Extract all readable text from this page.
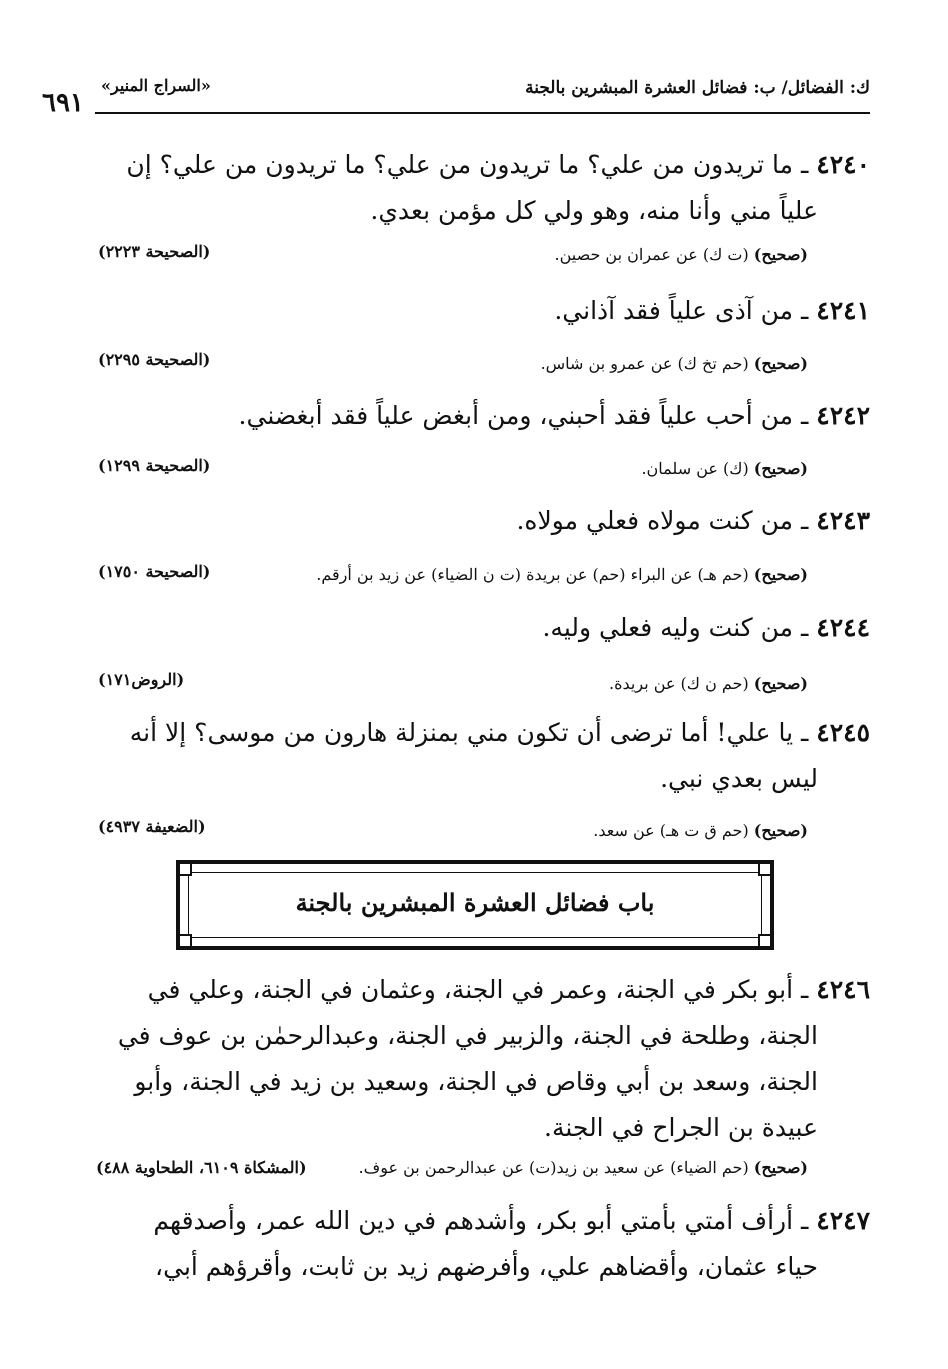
٦٩١	ك: الفضائل/ ب: فضائل العشرة المبشرين بالجنة
«السراج المنير»
٤٢٤٠ ـ ما تريدون من علي؟ ما تريدون من علي؟ ما تريدون من علي؟ إن
علياً مني وأنا منه، وهو ولي كل مؤمن بعدي.
(صحيح) (ت ك) عن عمران بن حصين.
(الصحيحة ٢٢٢٣)
٤٢٤١ ـ من آذى علياً فقد آذاني.
(صحيح) (حم تخ ك) عن عمرو بن شاس.
(الصحيحة ٢٢٩٥)
٤٢٤٢ ـ من أحب علياً فقد أحبني، ومن أبغض علياً فقد أبغضني.
(صحيح) (ك) عن سلمان.
(الصحيحة ١٢٩٩)
٤٢٤٣ ـ من كنت مولاه فعلي مولاه.
(صحيح) (حم هـ) عن البراء (حم) عن بريدة (ت ن الضياء) عن زيد بن أرقم.
(الصحيحة ١٧٥٠)
٤٢٤٤ ـ من كنت وليه فعلي وليه.
(صحيح) (حم ن ك) عن بريدة.
(الروض١٧١)
٤٢٤٥ ـ يا علي! أما ترضى أن تكون مني بمنزلة هارون من موسى؟ إلا أنه
ليس بعدي نبي.
(صحيح) (حم ق ت هـ) عن سعد.
(الضعيفة ٤٩٣٧)
باب فضائل العشرة المبشرين بالجنة
٤٢٤٦ ـ أبو بكر في الجنة، وعمر في الجنة، وعثمان في الجنة، وعلي في
الجنة، وطلحة في الجنة، والزبير في الجنة، وعبدالرحمٰن بن عوف في
الجنة، وسعد بن أبي وقاص في الجنة، وسعيد بن زيد في الجنة، وأبو
عبيدة بن الجراح في الجنة.
(صحيح) (حم الضياء) عن سعيد بن زيد(ت) عن عبدالرحمن بن عوف.
(المشكاة ٦١٠٩، الطحاوية ٤٨٨)
٤٢٤٧ ـ أرأف أمتي بأمتي أبو بكر، وأشدهم في دين الله عمر، وأصدقهم
حياء عثمان، وأقضاهم علي، وأفرضهم زيد بن ثابت، وأقرؤهم أبي،
